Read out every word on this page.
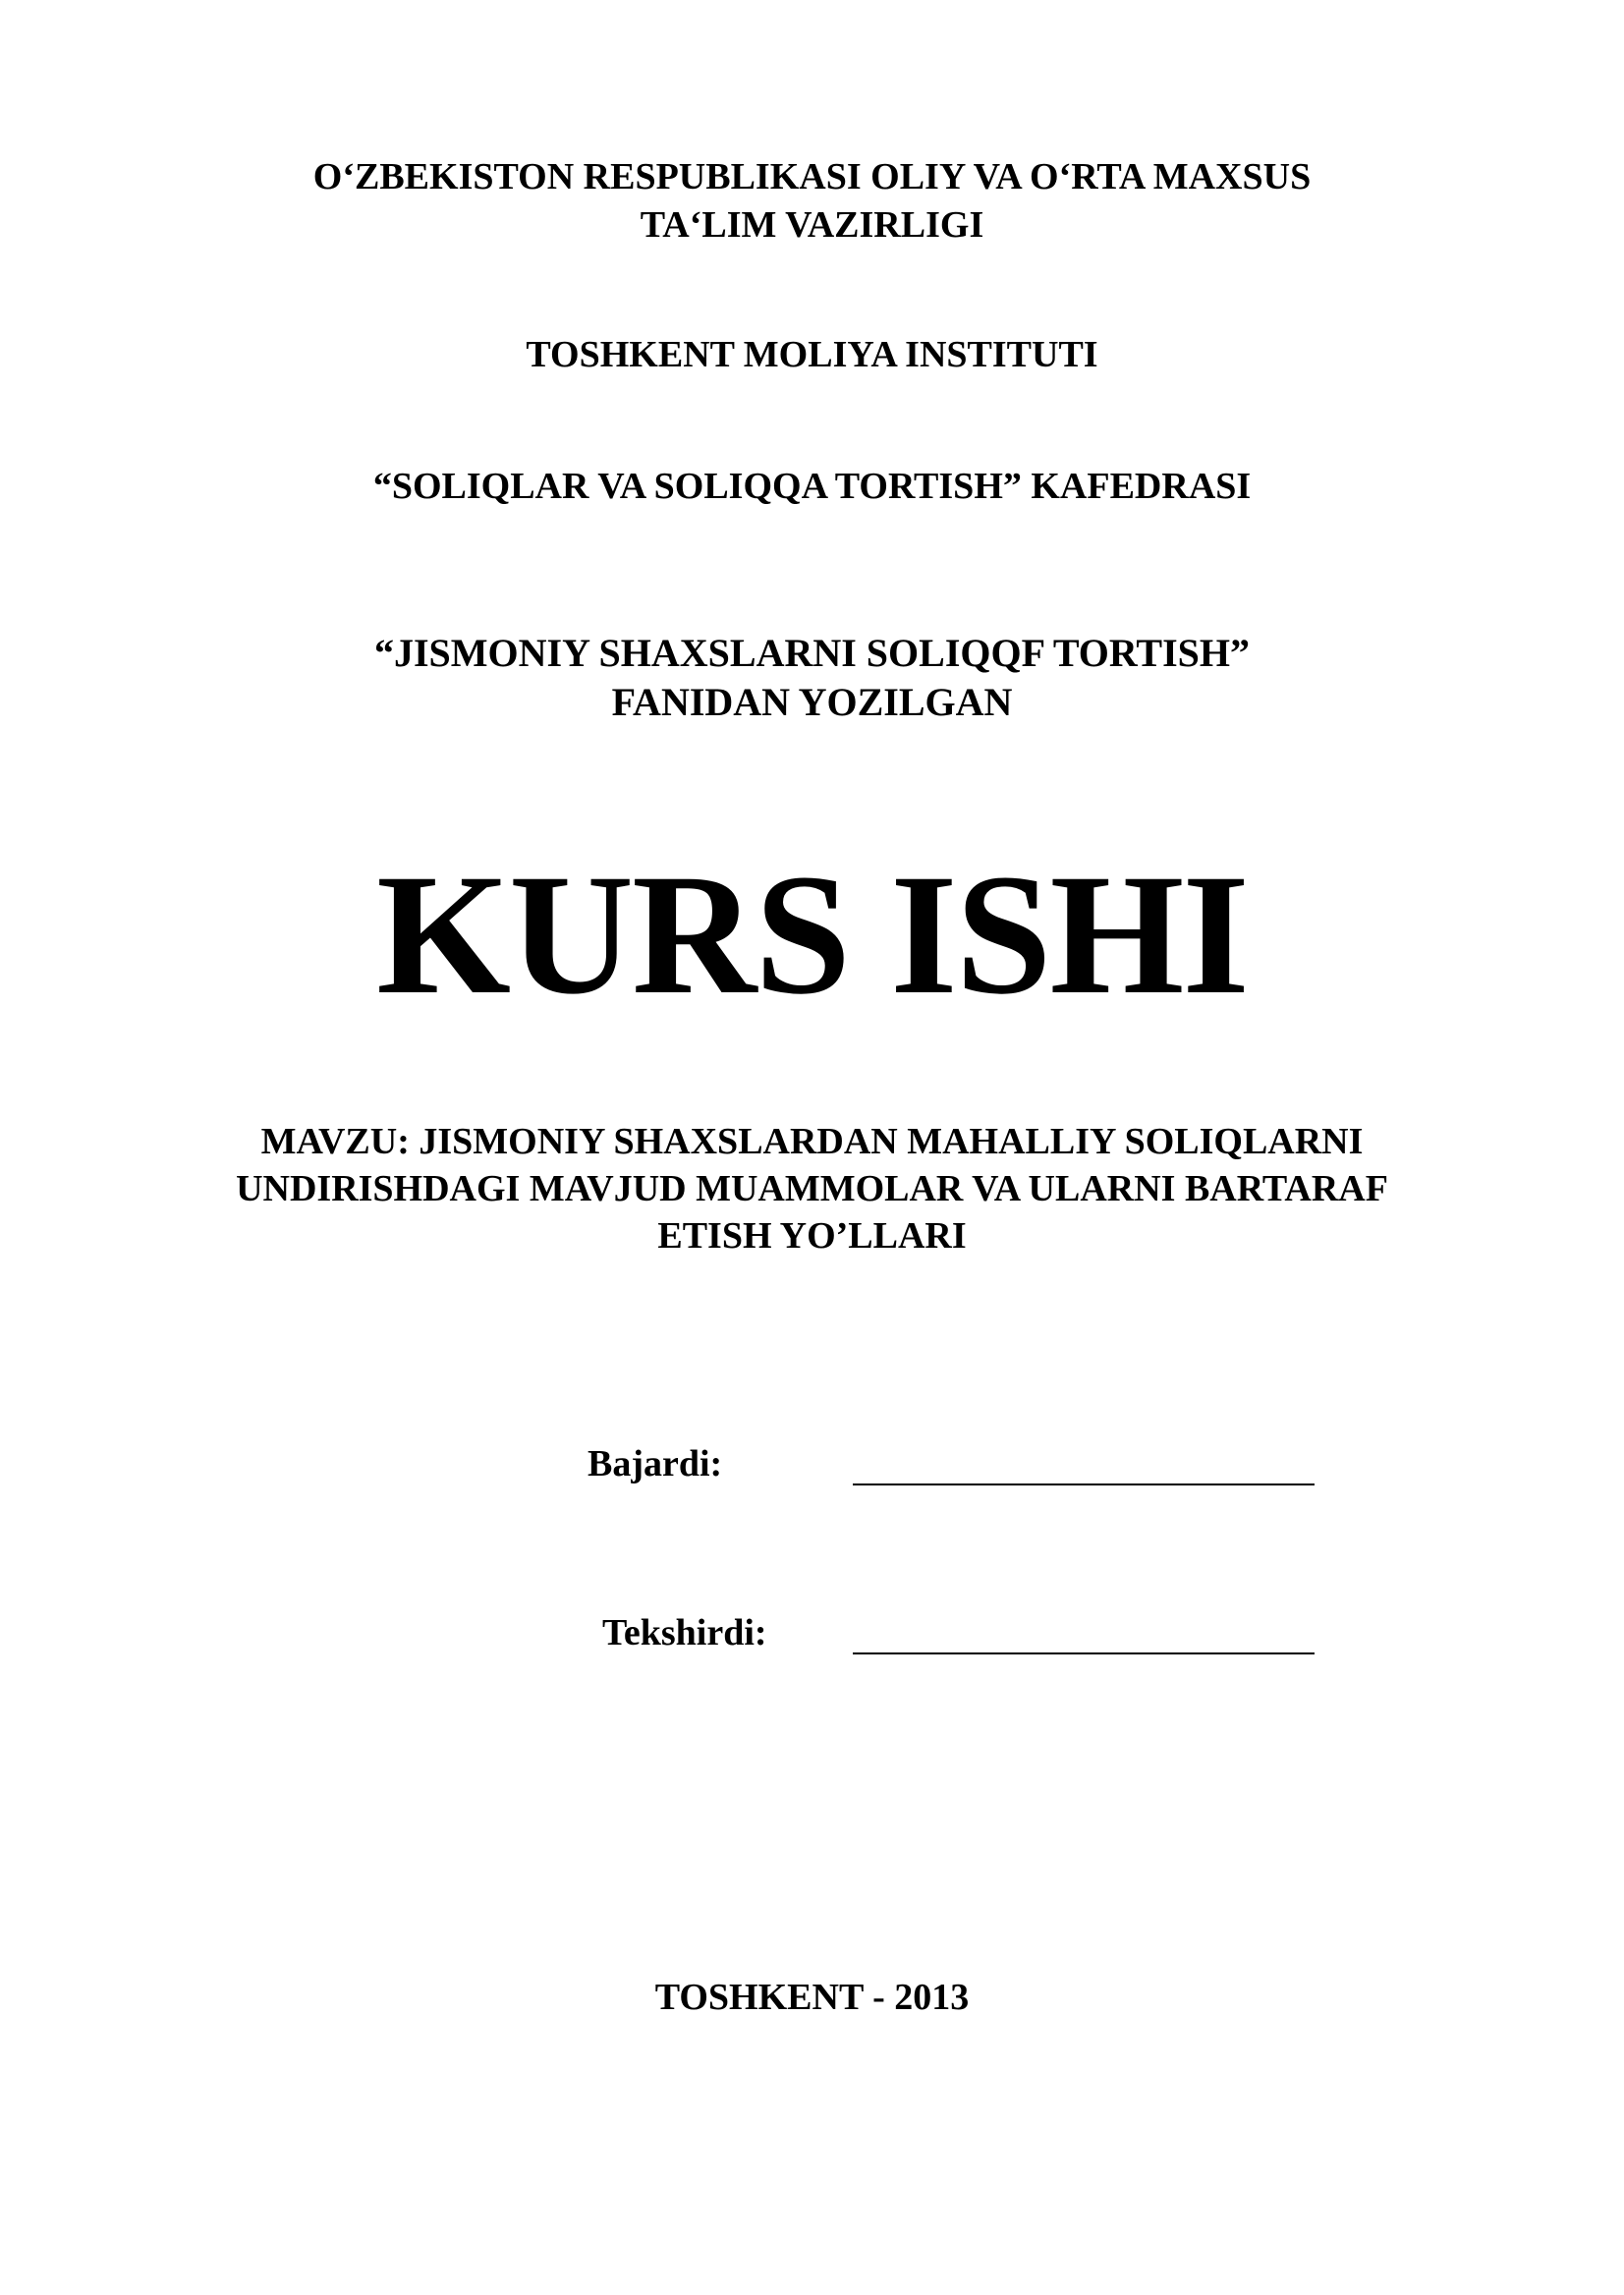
O‘ZBEKISTON RESPUBLIKASI OLIY VA O‘RTA MAXSUS
TA‘LIM VAZIRLIGI
TOSHKENT MOLIYA INSTITUTI
“SOLIQLAR VA SOLIQQA TORTISH” KAFEDRASI
“JISMONIY SHAXSLARNI SOLIQQF TORTISH”
FANIDAN YOZILGAN
KURS ISHI
MAVZU: JISMONIY SHAXSLARDAN MAHALLIY SOLIQLARNI
UNDIRISHDAGI MAVJUD MUAMMOLAR VA ULARNI BARTARAF
ETISH YO’LLARI
Bajardi:
Tekshirdi:
TOSHKENT - 2013
